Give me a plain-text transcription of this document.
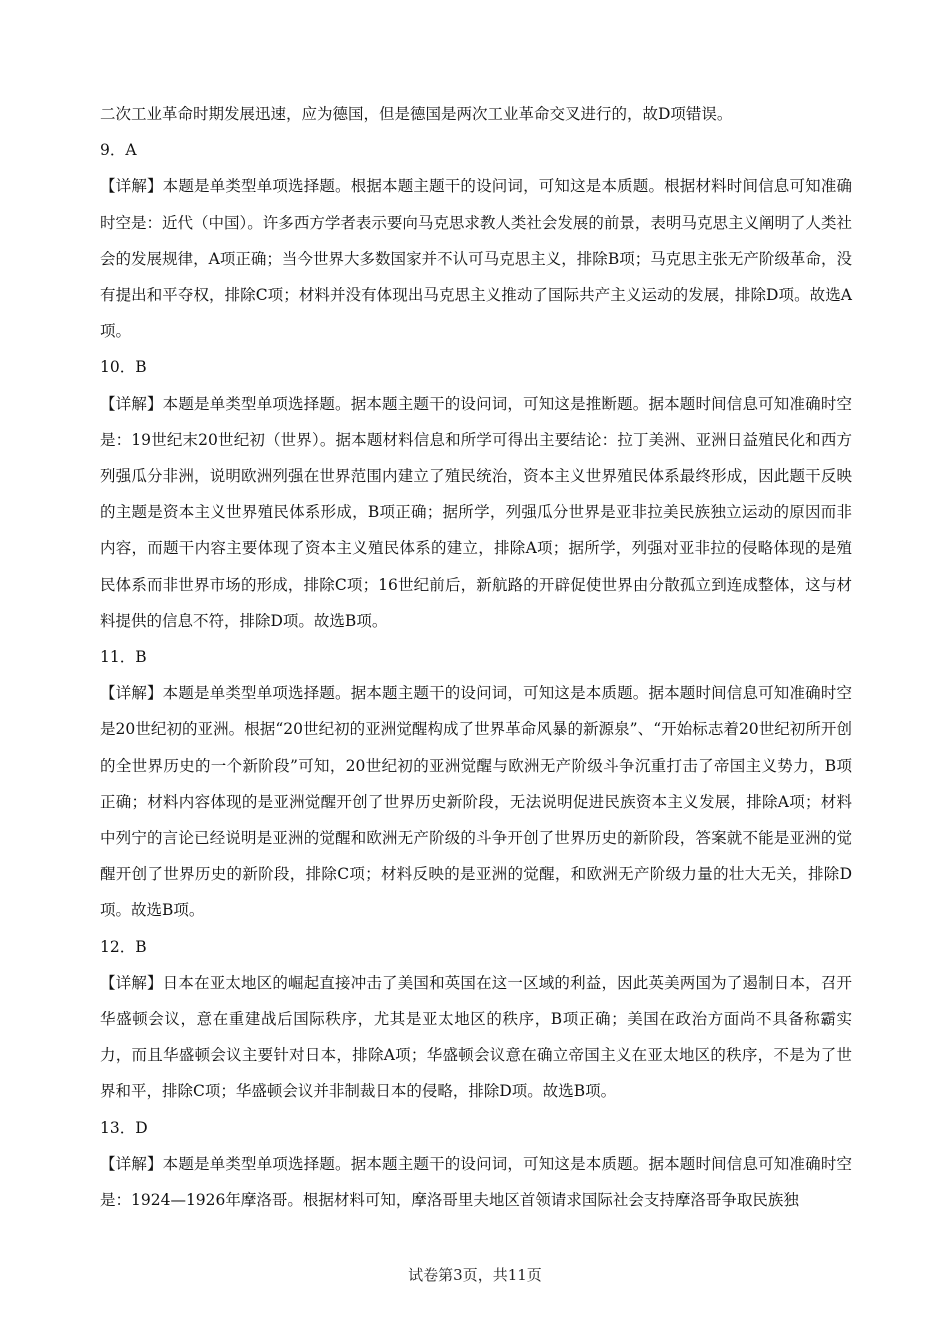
二次工业革命时期发展迅速，应为德国，但是德国是两次工业革命交叉进行的，故D项错误。

9．A

【详解】本题是单类型单项选择题。根据本题主题干的设问词，可知这是本质题。根据材料时间信息可知准确时空是：近代（中国）。许多西方学者表示要向马克思求教人类社会发展的前景，表明马克思主义阐明了人类社会的发展规律，A项正确；当今世界大多数国家并不认可马克思主义，排除B项；马克思主张无产阶级革命，没有提出和平夺权，排除C项；材料并没有体现出马克思主义推动了国际共产主义运动的发展，排除D项。故选A项。

10．B

【详解】本题是单类型单项选择题。据本题主题干的设问词，可知这是推断题。据本题时间信息可知准确时空是：19世纪末20世纪初（世界）。据本题材料信息和所学可得出主要结论：拉丁美洲、亚洲日益殖民化和西方列强瓜分非洲，说明欧洲列强在世界范围内建立了殖民统治，资本主义世界殖民体系最终形成，因此题干反映的主题是资本主义世界殖民体系形成，B项正确；据所学，列强瓜分世界是亚非拉美民族独立运动的原因而非内容，而题干内容主要体现了资本主义殖民体系的建立，排除A项；据所学，列强对亚非拉的侵略体现的是殖民体系而非世界市场的形成，排除C项；16世纪前后，新航路的开辟促使世界由分散孤立到连成整体，这与材料提供的信息不符，排除D项。故选B项。

11．B

【详解】本题是单类型单项选择题。据本题主题干的设问词，可知这是本质题。据本题时间信息可知准确时空是20世纪初的亚洲。根据“20世纪初的亚洲觉醒构成了世界革命风暴的新源泉”、“开始标志着20世纪初所开创的全世界历史的一个新阶段”可知，20世纪初的亚洲觉醒与欧洲无产阶级斗争沉重打击了帝国主义势力，B项正确；材料内容体现的是亚洲觉醒开创了世界历史新阶段，无法说明促进民族资本主义发展，排除A项；材料中列宁的言论已经说明是亚洲的觉醒和欧洲无产阶级的斗争开创了世界历史的新阶段，答案就不能是亚洲的觉醒开创了世界历史的新阶段，排除C项；材料反映的是亚洲的觉醒，和欧洲无产阶级力量的壮大无关，排除D项。故选B项。

12．B

【详解】日本在亚太地区的崛起直接冲击了美国和英国在这一区域的利益，因此英美两国为了遏制日本，召开华盛顿会议，意在重建战后国际秩序，尤其是亚太地区的秩序，B项正确；美国在政治方面尚不具备称霸实力，而且华盛顿会议主要针对日本，排除A项；华盛顿会议意在确立帝国主义在亚太地区的秩序，不是为了世界和平，排除C项；华盛顿会议并非制裁日本的侵略，排除D项。故选B项。

13．D

【详解】本题是单类型单项选择题。据本题主题干的设问词，可知这是本质题。据本题时间信息可知准确时空是：1924—1926年摩洛哥。根据材料可知，摩洛哥里夫地区首领请求国际社会支持摩洛哥争取民族独

试卷第3页，共11页
